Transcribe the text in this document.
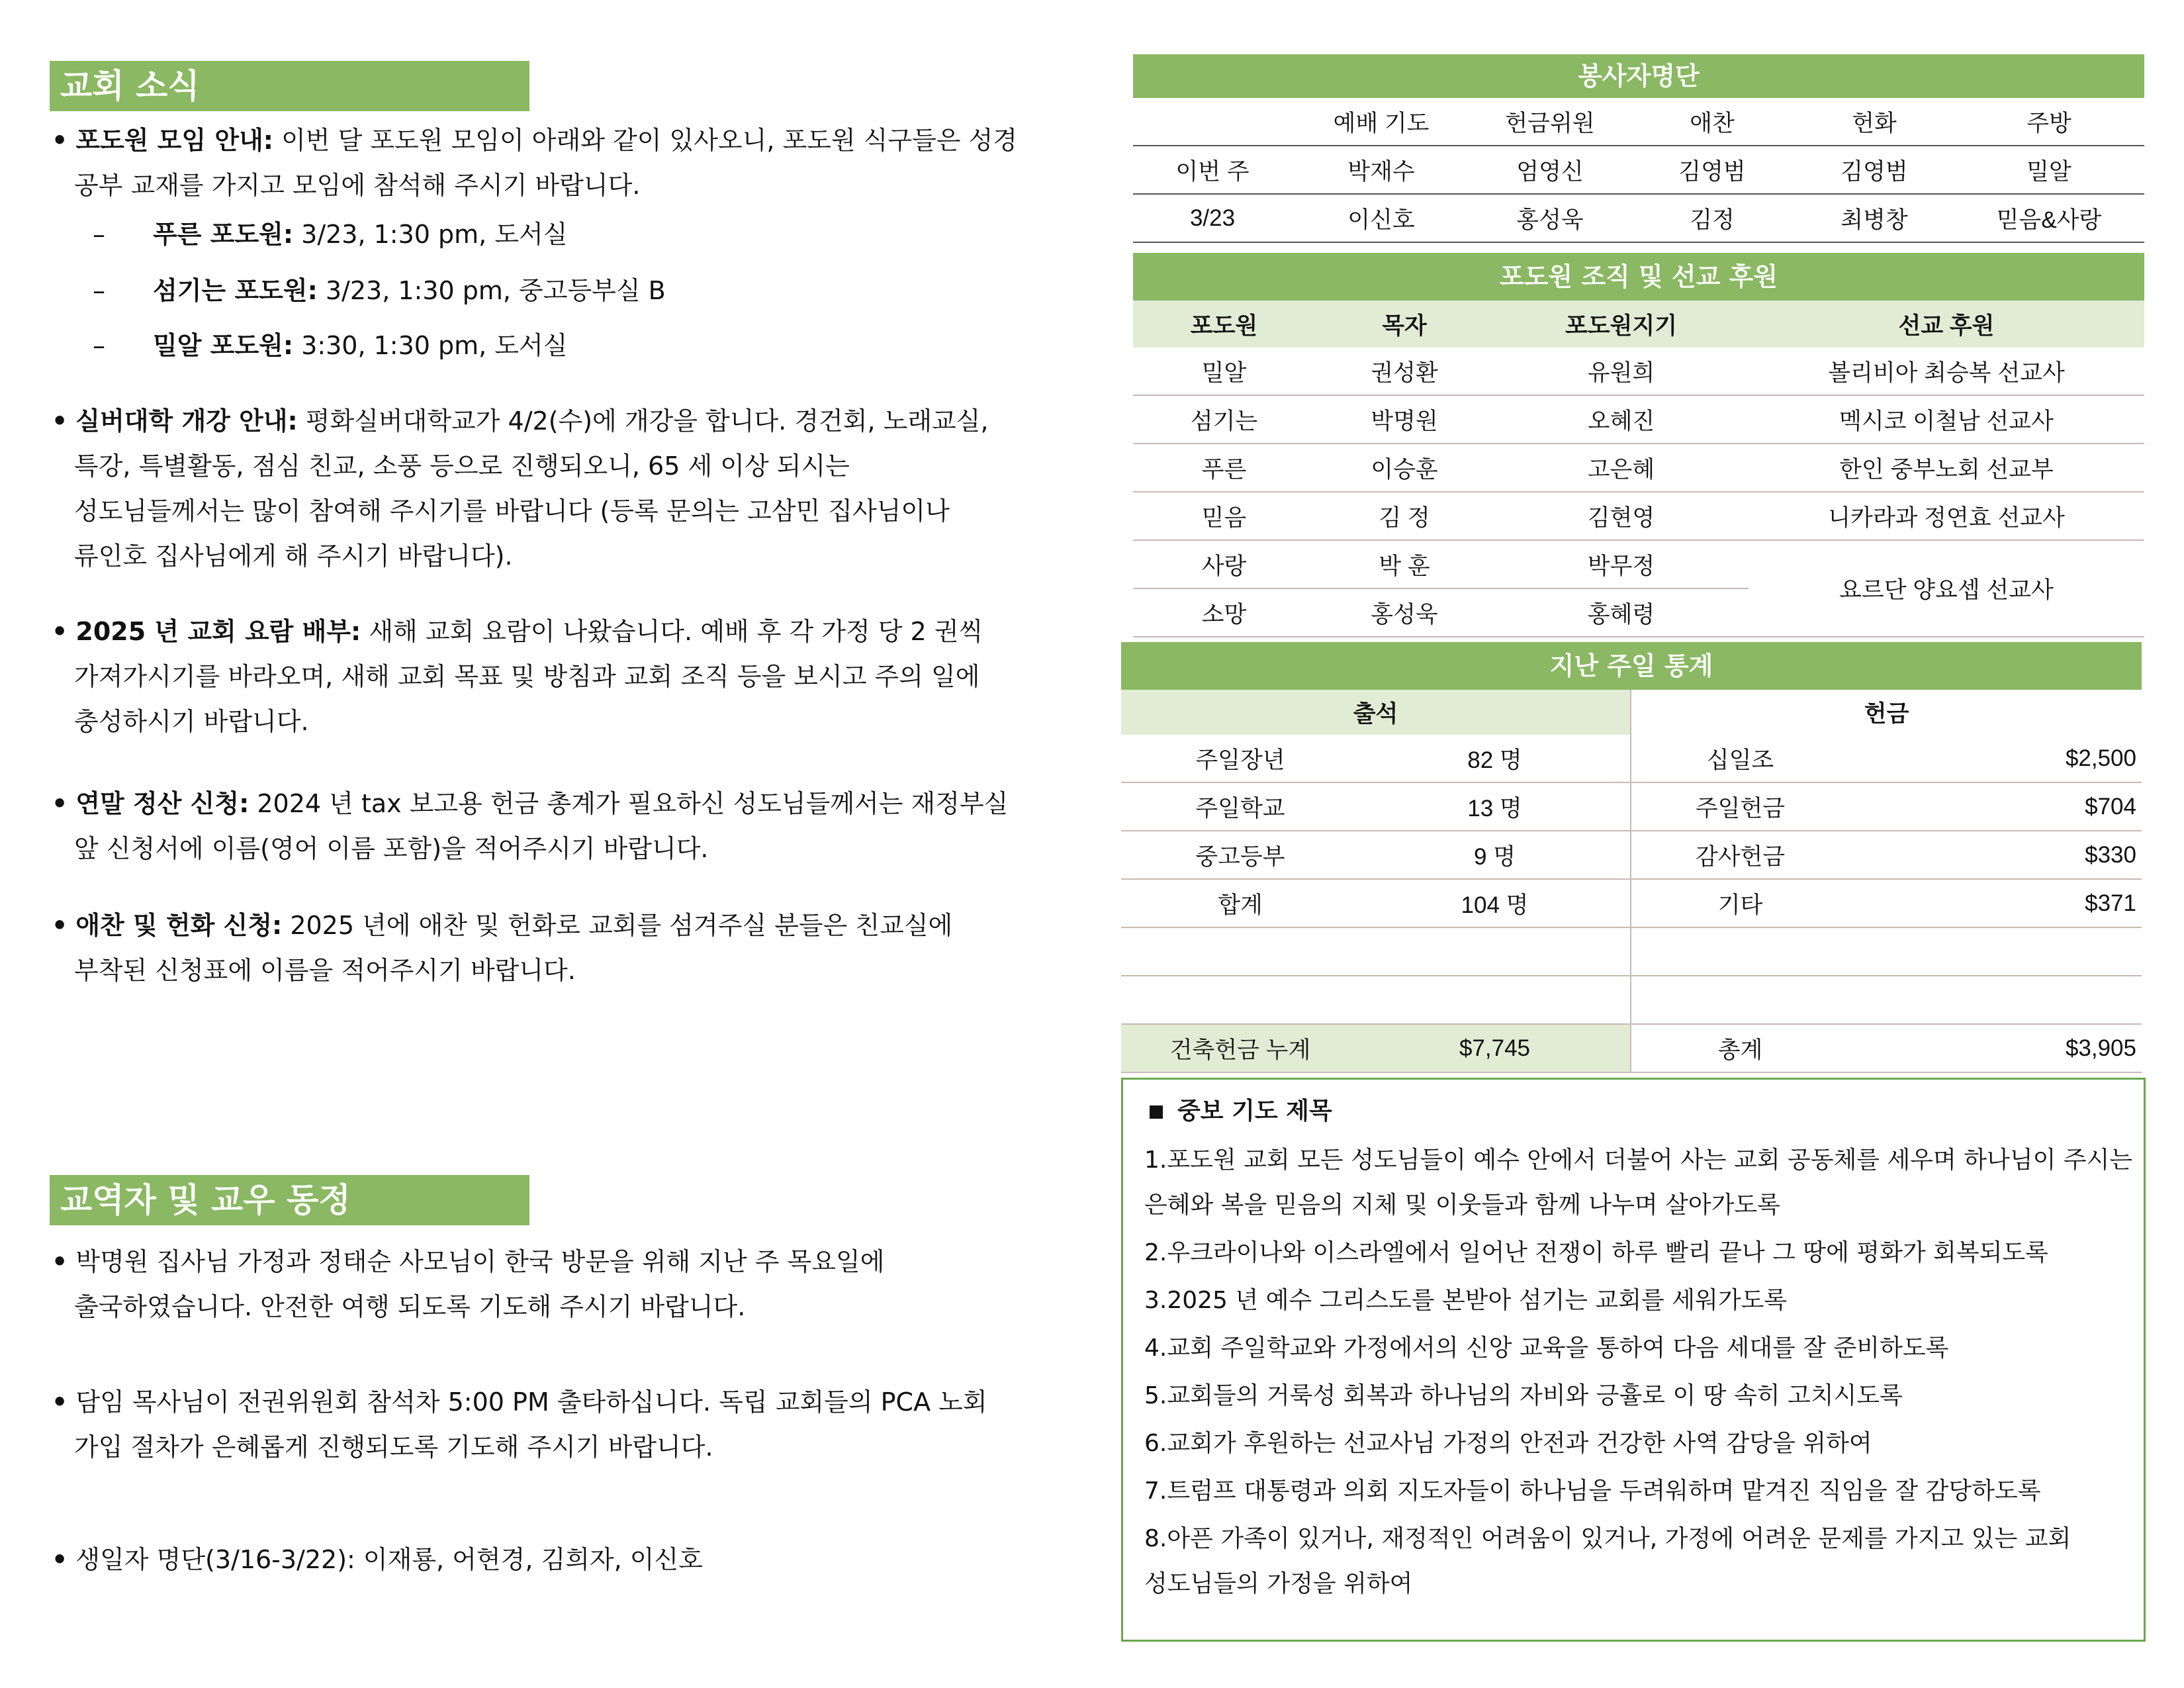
교회 소식
• 포도원 모임 안내: 이번 달 포도원 모임이 아래와 같이 있사오니, 포도원 식구들은 성경
공부 교재를 가지고 모임에 참석해 주시기 바랍니다.
– 푸른 포도원: 3/23, 1:30 pm, 도서실
– 섬기는 포도원: 3/23, 1:30 pm, 중고등부실 B
– 밀알 포도원: 3:30, 1:30 pm, 도서실
• 실버대학 개강 안내: 평화실버대학교가 4/2(수)에 개강을 합니다. 경건회, 노래교실,
특강, 특별활동, 점심 친교, 소풍 등으로 진행되오니, 65 세 이상 되시는
성도님들께서는 많이 참여해 주시기를 바랍니다 (등록 문의는 고삼민 집사님이나
류인호 집사님에게 해 주시기 바랍니다).
• 2025 년 교회 요람 배부: 새해 교회 요람이 나왔습니다. 예배 후 각 가정 당 2 권씩
가져가시기를 바라오며, 새해 교회 목표 및 방침과 교회 조직 등을 보시고 주의 일에
충성하시기 바랍니다.
• 연말 정산 신청: 2024 년 tax 보고용 헌금 총계가 필요하신 성도님들께서는 재정부실
앞 신청서에 이름(영어 이름 포함)을 적어주시기 바랍니다.
• 애찬 및 헌화 신청: 2025 년에 애찬 및 헌화로 교회를 섬겨주실 분들은 친교실에
부착된 신청표에 이름을 적어주시기 바랍니다.
교역자 및 교우 동정
• 박명원 집사님 가정과 정태순 사모님이 한국 방문을 위해 지난 주 목요일에
출국하였습니다. 안전한 여행 되도록 기도해 주시기 바랍니다.
• 담임 목사님이 전권위원회 참석차 5:00 PM 출타하십니다. 독립 교회들의 PCA 노회
가입 절차가 은혜롭게 진행되도록 기도해 주시기 바랍니다.
• 생일자 명단(3/16-3/22): 이재룡, 어현경, 김희자, 이신호
봉사자명단
	예배 기도	헌금위원	애찬	헌화	주방
이번 주	박재수	엄영신	김영범	김영범	밀알
3/23	이신호	홍성욱	김정	최병창	믿음&사랑
포도원 조직 및 선교 후원
포도원	목자	포도원지기	선교 후원
밀알	권성환	유원희	볼리비아 최승복 선교사
섬기는	박명원	오혜진	멕시코 이철남 선교사
푸른	이승훈	고은혜	한인 중부노회 선교부
믿음	김 정	김현영	니카라과 정연효 선교사
사랑	박 훈	박무정	요르단 양요셉 선교사
소망	홍성욱	홍혜령	
지난 주일 통계
출석		헌금	
주일장년	82 명	십일조	$2,500
주일학교	13 명	주일헌금	$704
중고등부	9 명	감사헌금	$330
합계	104 명	기타	$371

건축헌금 누계	$7,745	총계	$3,905
중보 기도 제목
1.포도원 교회 모든 성도님들이 예수 안에서 더불어 사는 교회 공동체를 세우며 하나님이 주시는
은혜와 복을 믿음의 지체 및 이웃들과 함께 나누며 살아가도록
2.우크라이나와 이스라엘에서 일어난 전쟁이 하루 빨리 끝나 그 땅에 평화가 회복되도록
3.2025 년 예수 그리스도를 본받아 섬기는 교회를 세워가도록
4.교회 주일학교와 가정에서의 신앙 교육을 통하여 다음 세대를 잘 준비하도록
5.교회들의 거룩성 회복과 하나님의 자비와 긍휼로 이 땅 속히 고치시도록
6.교회가 후원하는 선교사님 가정의 안전과 건강한 사역 감당을 위하여
7.트럼프 대통령과 의회 지도자들이 하나님을 두려워하며 맡겨진 직임을 잘 감당하도록
8.아픈 가족이 있거나, 재정적인 어려움이 있거나, 가정에 어려운 문제를 가지고 있는 교회
성도님들의 가정을 위하여
